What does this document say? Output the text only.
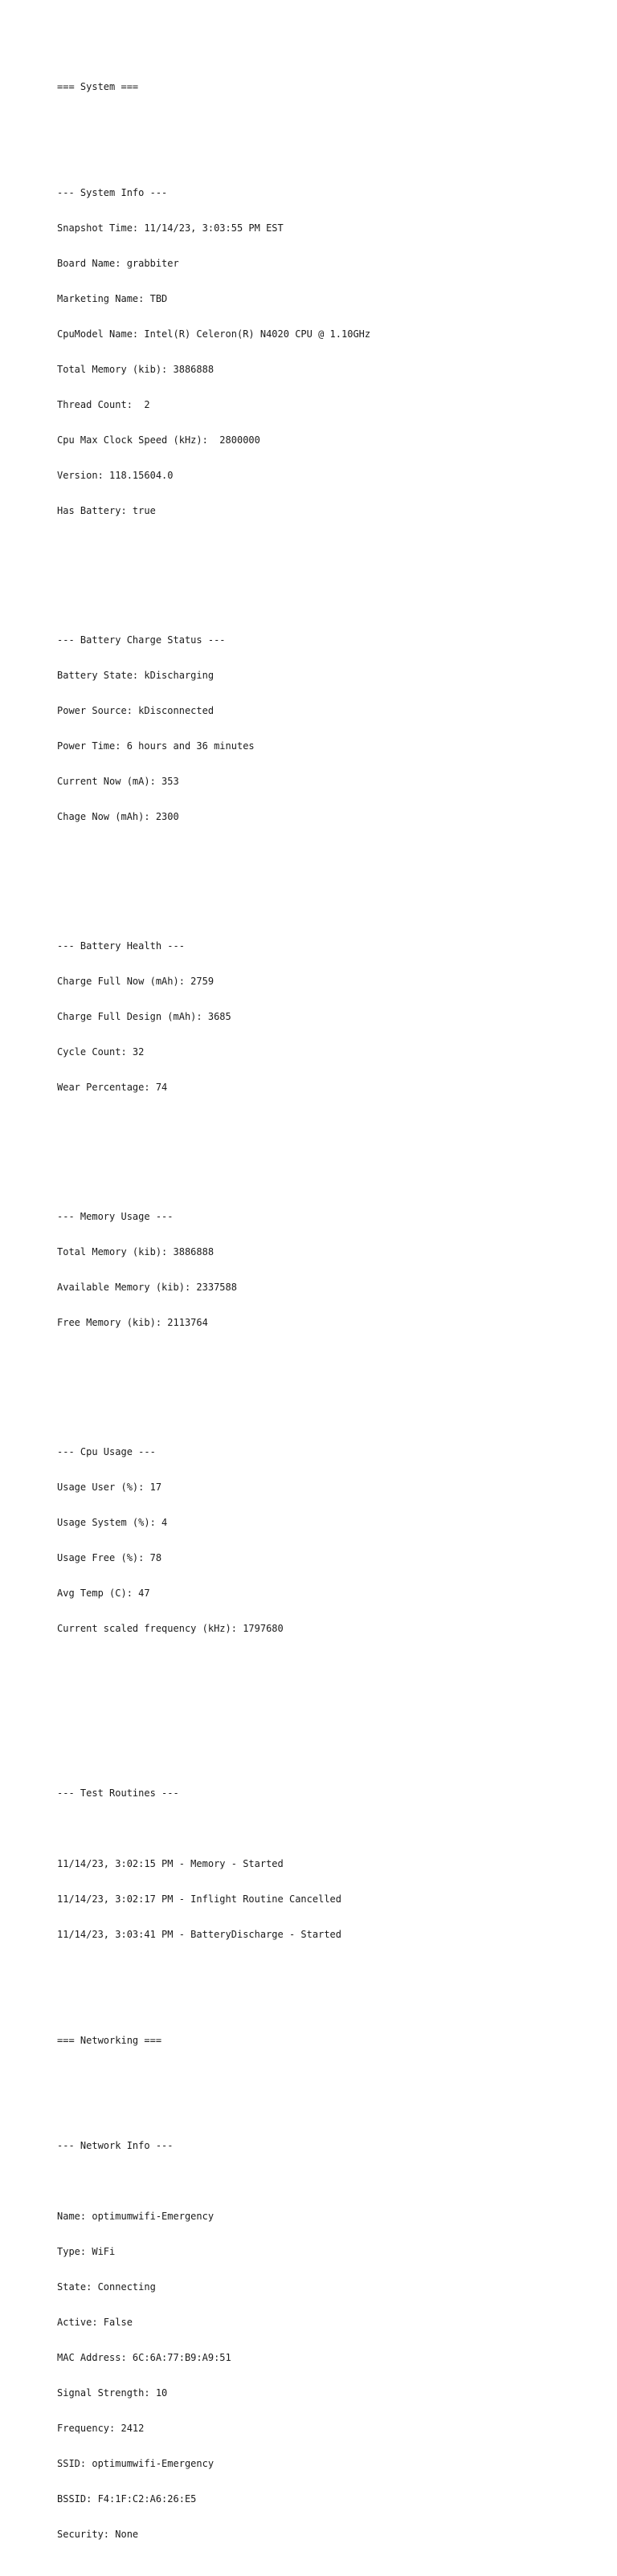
=== System ===

--- System Info ---

Snapshot Time: 11/14/23, 3:03:55 PM EST

Board Name: grabbiter

Marketing Name: TBD

CpuModel Name: Intel(R) Celeron(R) N4020 CPU @ 1.10GHz

Total Memory (kib): 3886888

Thread Count:  2

Cpu Max Clock Speed (kHz):  2800000

Version: 118.15604.0

Has Battery: true

--- Battery Charge Status ---

Battery State: kDischarging

Power Source: kDisconnected

Power Time: 6 hours and 36 minutes

Current Now (mA): 353

Chage Now (mAh): 2300

--- Battery Health ---

Charge Full Now (mAh): 2759

Charge Full Design (mAh): 3685

Cycle Count: 32

Wear Percentage: 74

--- Memory Usage ---

Total Memory (kib): 3886888

Available Memory (kib): 2337588

Free Memory (kib): 2113764

--- Cpu Usage ---

Usage User (%): 17

Usage System (%): 4

Usage Free (%): 78

Avg Temp (C): 47

Current scaled frequency (kHz): 1797680

--- Test Routines ---

11/14/23, 3:02:15 PM - Memory - Started

11/14/23, 3:02:17 PM - Inflight Routine Cancelled

11/14/23, 3:03:41 PM - BatteryDischarge - Started

=== Networking ===

--- Network Info ---

Name: optimumwifi-Emergency

Type: WiFi

State: Connecting

Active: False

MAC Address: 6C:6A:77:B9:A9:51

Signal Strength: 10

Frequency: 2412

SSID: optimumwifi-Emergency

BSSID: F4:1F:C2:A6:26:E5

Security: None
